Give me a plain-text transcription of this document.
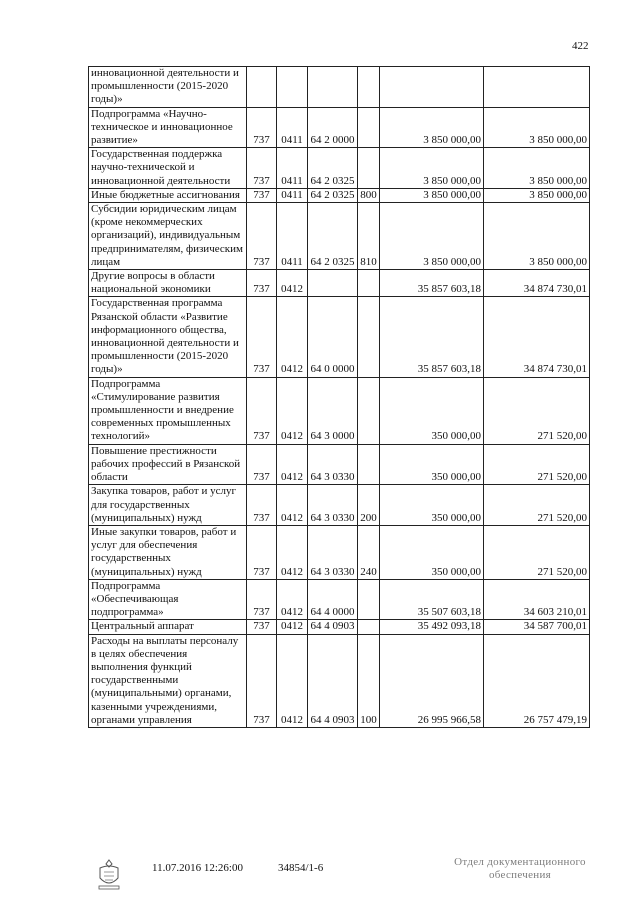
422
инновационной деятельности и промышленности (2015-2020 годы)»						
Подпрограмма «Научно-техническое и инновационное развитие»	737	0411	64 2 0000		3 850 000,00	3 850 000,00
Государственная поддержка научно-технической и инновационной деятельности	737	0411	64 2 0325		3 850 000,00	3 850 000,00
Иные бюджетные ассигнования	737	0411	64 2 0325	800	3 850 000,00	3 850 000,00
Субсидии юридическим лицам (кроме некоммерческих организаций), индивидуальным предпринимателям, физическим лицам	737	0411	64 2 0325	810	3 850 000,00	3 850 000,00
Другие вопросы в области национальной экономики	737	0412			35 857 603,18	34 874 730,01
Государственная программа Рязанской области «Развитие информационного общества, инновационной деятельности и промышленности (2015-2020 годы)»	737	0412	64 0 0000		35 857 603,18	34 874 730,01
Подпрограмма «Стимулирование развития промышленности и внедрение современных промышленных технологий»	737	0412	64 3 0000		350 000,00	271 520,00
Повышение престижности рабочих профессий в Рязанской области	737	0412	64 3 0330		350 000,00	271 520,00
Закупка товаров, работ и услуг для государственных (муниципальных) нужд	737	0412	64 3 0330	200	350 000,00	271 520,00
Иные закупки товаров, работ и услуг для обеспечения государственных (муниципальных) нужд	737	0412	64 3 0330	240	350 000,00	271 520,00
Подпрограмма «Обеспечивающая подпрограмма»	737	0412	64 4 0000		35 507 603,18	34 603 210,01
Центральный аппарат	737	0412	64 4 0903		35 492 093,18	34 587 700,01
Расходы на выплаты персоналу в целях обеспечения выполнения функций государственными (муниципальными) органами, казенными учреждениями, органами управления	737	0412	64 4 0903	100	26 995 966,58	26 757 479,19
11.07.2016 12:26:00	34854/1-6	Отдел документационного
обеспечения
